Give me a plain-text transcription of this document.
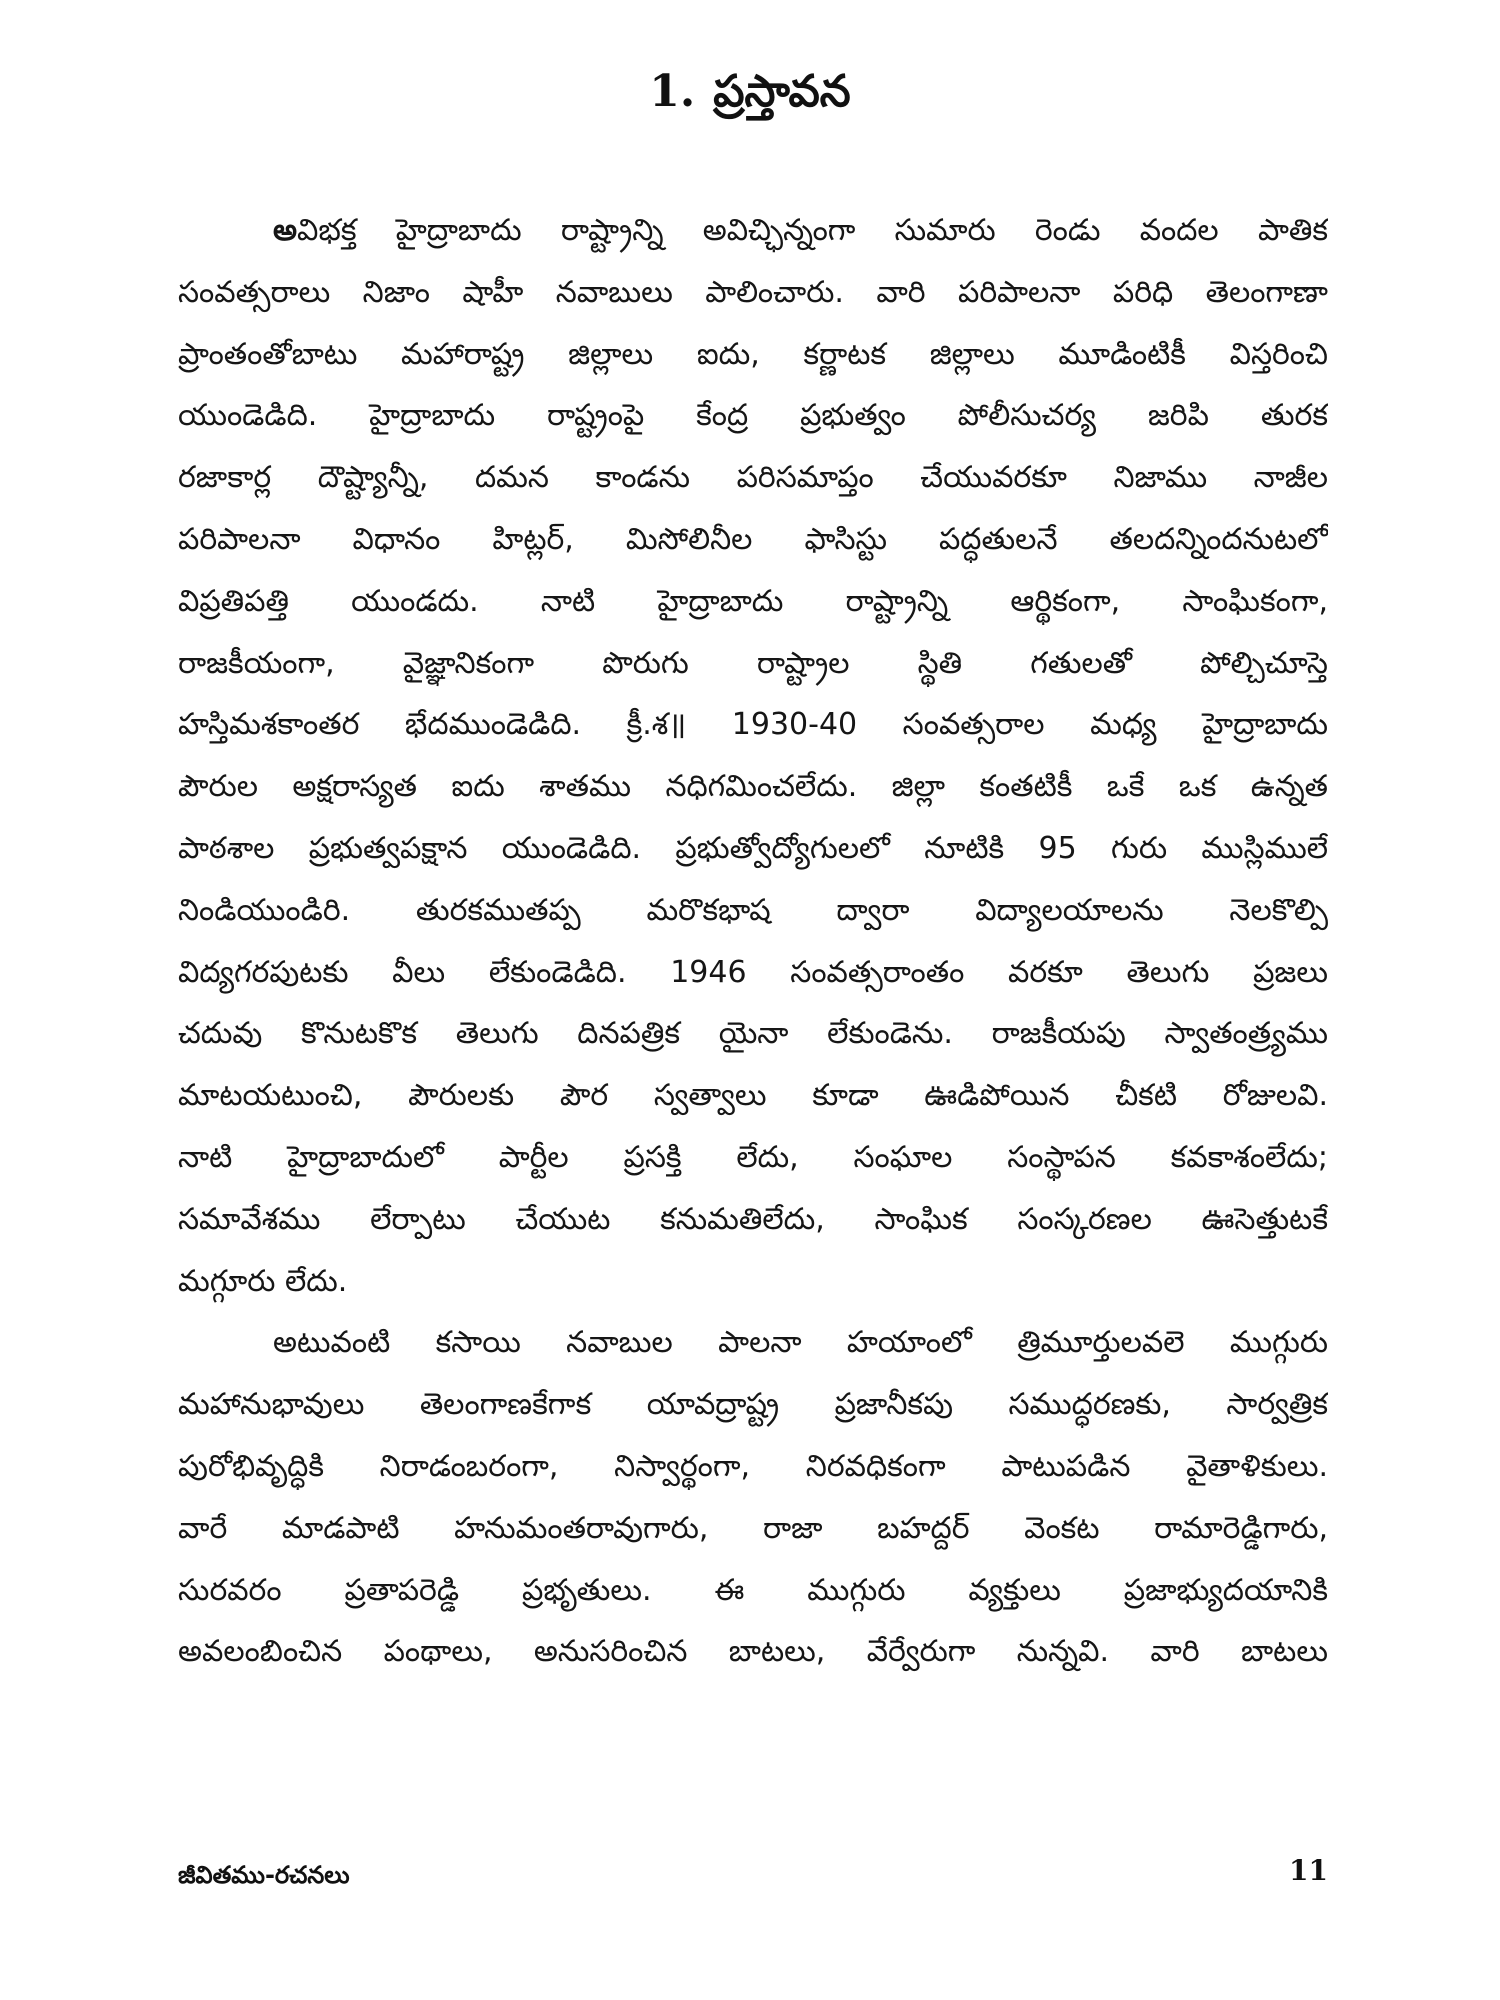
1. ప్రస్తావన
అవిభక్త హైద్రాబాదు రాష్ట్రాన్ని అవిచ్ఛిన్నంగా సుమారు రెండు వందల పాతిక
సంవత్సరాలు నిజాం షాహీ నవాబులు పాలించారు. వారి పరిపాలనా పరిధి తెలంగాణా
ప్రాంతంతోబాటు మహారాష్ట్ర జిల్లాలు ఐదు, కర్ణాటక జిల్లాలు మూడింటికీ విస్తరించి
యుండెడిది. హైద్రాబాదు రాష్ట్రంపై కేంద్ర ప్రభుత్వం పోలీసుచర్య జరిపి తురక
రజాకార్ల దౌష్ట్యాన్నీ, దమన కాండను పరిసమాప్తం చేయువరకూ నిజాము నాజీల
పరిపాలనా విధానం హిట్లర్, మిసోలినీల ఫాసిస్టు పద్ధతులనే తలదన్నిందనుటలో
విప్రతిపత్తి యుండదు. నాటి హైద్రాబాదు రాష్ట్రాన్ని ఆర్థికంగా, సాంఘికంగా,
రాజకీయంగా, వైజ్ఞానికంగా పొరుగు రాష్ట్రాల స్థితి గతులతో పోల్చిచూస్తె
హస్తిమశకాంతర భేదముండెడిది. క్రీ.శ॥ 1930-40 సంవత్సరాల మధ్య హైద్రాబాదు
పౌరుల అక్షరాస్యత ఐదు శాతము నధిగమించలేదు. జిల్లా కంతటికీ ఒకే ఒక ఉన్నత
పాఠశాల ప్రభుత్వపక్షాన యుండెడిది. ప్రభుత్వోద్యోగులలో నూటికి 95 గురు ముస్లిములే
నిండియుండిరి. తురకముతప్ప మరొకభాష ద్వారా విద్యాలయాలను నెలకొల్పి
విద్యగరపుటకు వీలు లేకుండెడిది. 1946 సంవత్సరాంతం వరకూ తెలుగు ప్రజలు
చదువు కొనుటకొక తెలుగు దినపత్రిక యైనా లేకుండెను. రాజకీయపు స్వాతంత్ర్యము
మాటయటుంచి, పౌరులకు పౌర స్వత్వాలు కూడా ఊడిపోయిన చీకటి రోజులవి.
నాటి హైద్రాబాదులో పార్టీల ప్రసక్తి లేదు, సంఘాల సంస్థాపన కవకాశంలేదు;
సమావేశము లేర్పాటు చేయుట కనుమతిలేదు, సాంఘిక సంస్కరణల ఊసెత్తుటకే
మగ్గూరు లేదు.
అటువంటి కసాయి నవాబుల పాలనా హయాంలో త్రిమూర్తులవలె ముగ్గురు
మహానుభావులు తెలంగాణకేగాక యావద్రాష్ట్ర ప్రజానీకపు సముద్ధరణకు, సార్వత్రిక
పురోభివృద్ధికి నిరాడంబరంగా, నిస్వార్థంగా, నిరవధికంగా పాటుపడిన వైతాళికులు.
వారే మాడపాటి హనుమంతరావుగారు, రాజా బహద్దర్ వెంకట రామారెడ్డిగారు,
సురవరం ప్రతాపరెడ్డి ప్రభృతులు. ఈ ముగ్గురు వ్యక్తులు ప్రజాభ్యుదయానికి
అవలంబించిన పంథాలు, అనుసరించిన బాటలు, వేర్వేరుగా నున్నవి. వారి బాటలు
జీవితము-రచనలు	11
